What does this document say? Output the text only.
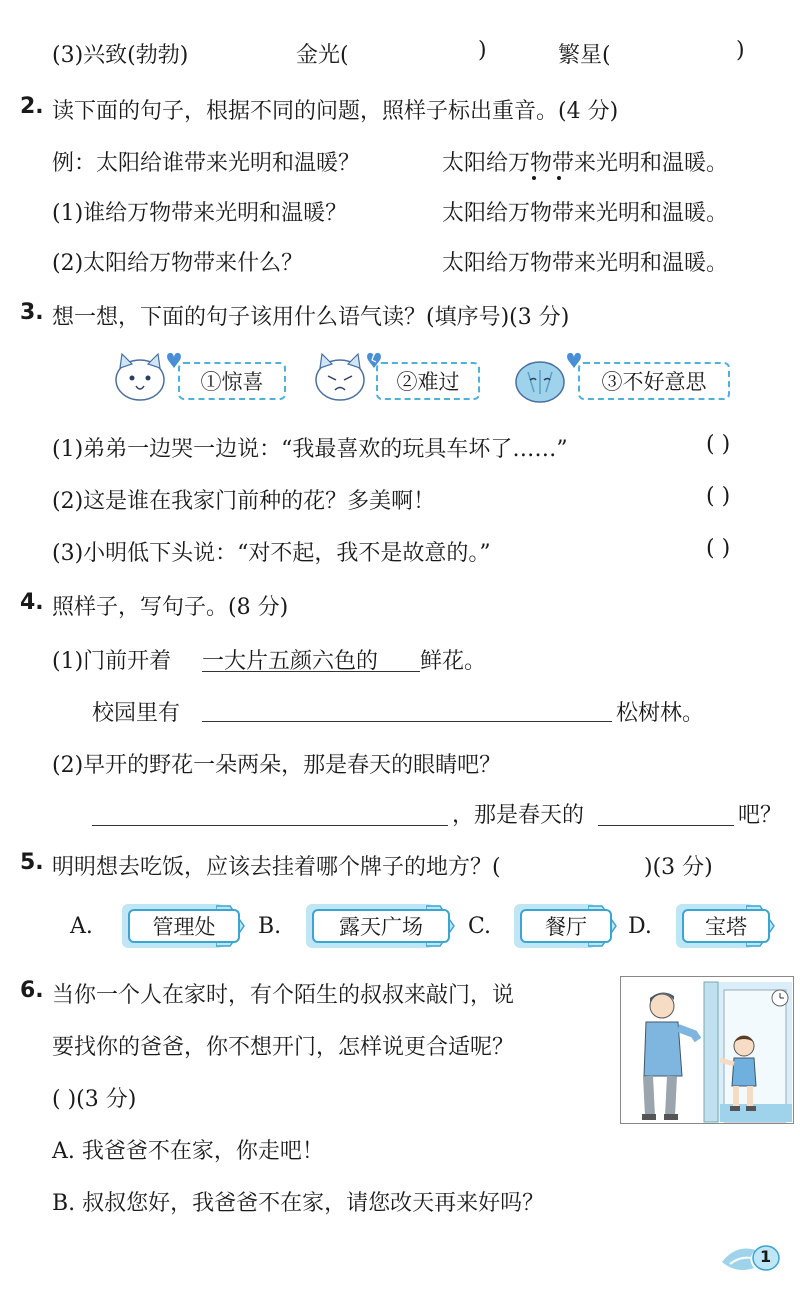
(3)兴致(勃勃)	金光(	)	繁星(	)
2. 读下面的句子，根据不同的问题，照样子标出重音。(4 分)
例：太阳给谁带来光明和温暖？	太阳给万物带来光明和温暖。
(1)谁给万物带来光明和温暖？	太阳给万物带来光明和温暖。
(2)太阳给万物带来什么？	太阳给万物带来光明和温暖。
3. 想一想，下面的句子该用什么语气读？(填序号)(3 分)
①惊喜	②难过	③不好意思
(1)弟弟一边哭一边说：“我最喜欢的玩具车坏了……”	( )
(2)这是谁在我家门前种的花？多美啊！	( )
(3)小明低下头说：“对不起，我不是故意的。”	( )
4. 照样子，写句子。(8 分)
(1)门前开着 一大片五颜六色的 鲜花。
校园里有	松树林。
(2)早开的野花一朵两朵，那是春天的眼睛吧？
，那是春天的	吧？
5. 明明想去吃饭，应该去挂着哪个牌子的地方？(	)(3 分)
A.	管理处	B.	露天广场	C.	餐厅	D.	宝塔
6. 当你一个人在家时，有个陌生的叔叔来敲门，说
要找你的爸爸，你不想开门，怎样说更合适呢？
( )(3 分)
A. 我爸爸不在家，你走吧！
B. 叔叔您好，我爸爸不在家，请您改天再来好吗？
1
